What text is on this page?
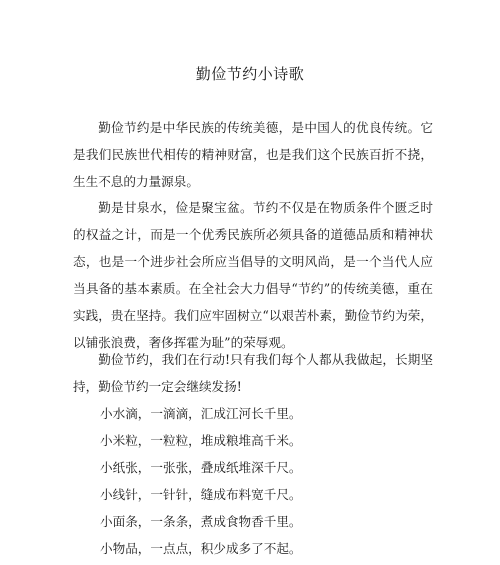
勤俭节约小诗歌

勤俭节约是中华民族的传统美德，是中国人的优良传统。它是我们民族世代相传的精神财富，也是我们这个民族百折不挠，生生不息的力量源泉。

勤是甘泉水，俭是聚宝盆。节约不仅是在物质条件个匮乏时的权益之计，而是一个优秀民族所必须具备的道德品质和精神状态，也是一个进步社会所应当倡导的文明风尚，是一个当代人应当具备的基本素质。在全社会大力倡导“节约”的传统美德，重在实践，贵在坚持。我们应牢固树立“以艰苦朴素，勤俭节约为荣，以铺张浪费，奢侈挥霍为耻”的荣辱观。

勤俭节约，我们在行动!只有我们每个人都从我做起，长期坚持，勤俭节约一定会继续发扬!

小水滴，一滴滴，汇成江河长千里。
小米粒，一粒粒，堆成粮堆高千米。
小纸张，一张张，叠成纸堆深千尺。
小线针，一针针，缝成布料宽千尺。
小面条，一条条，煮成食物香千里。
小物品，一点点，积少成多了不起。
